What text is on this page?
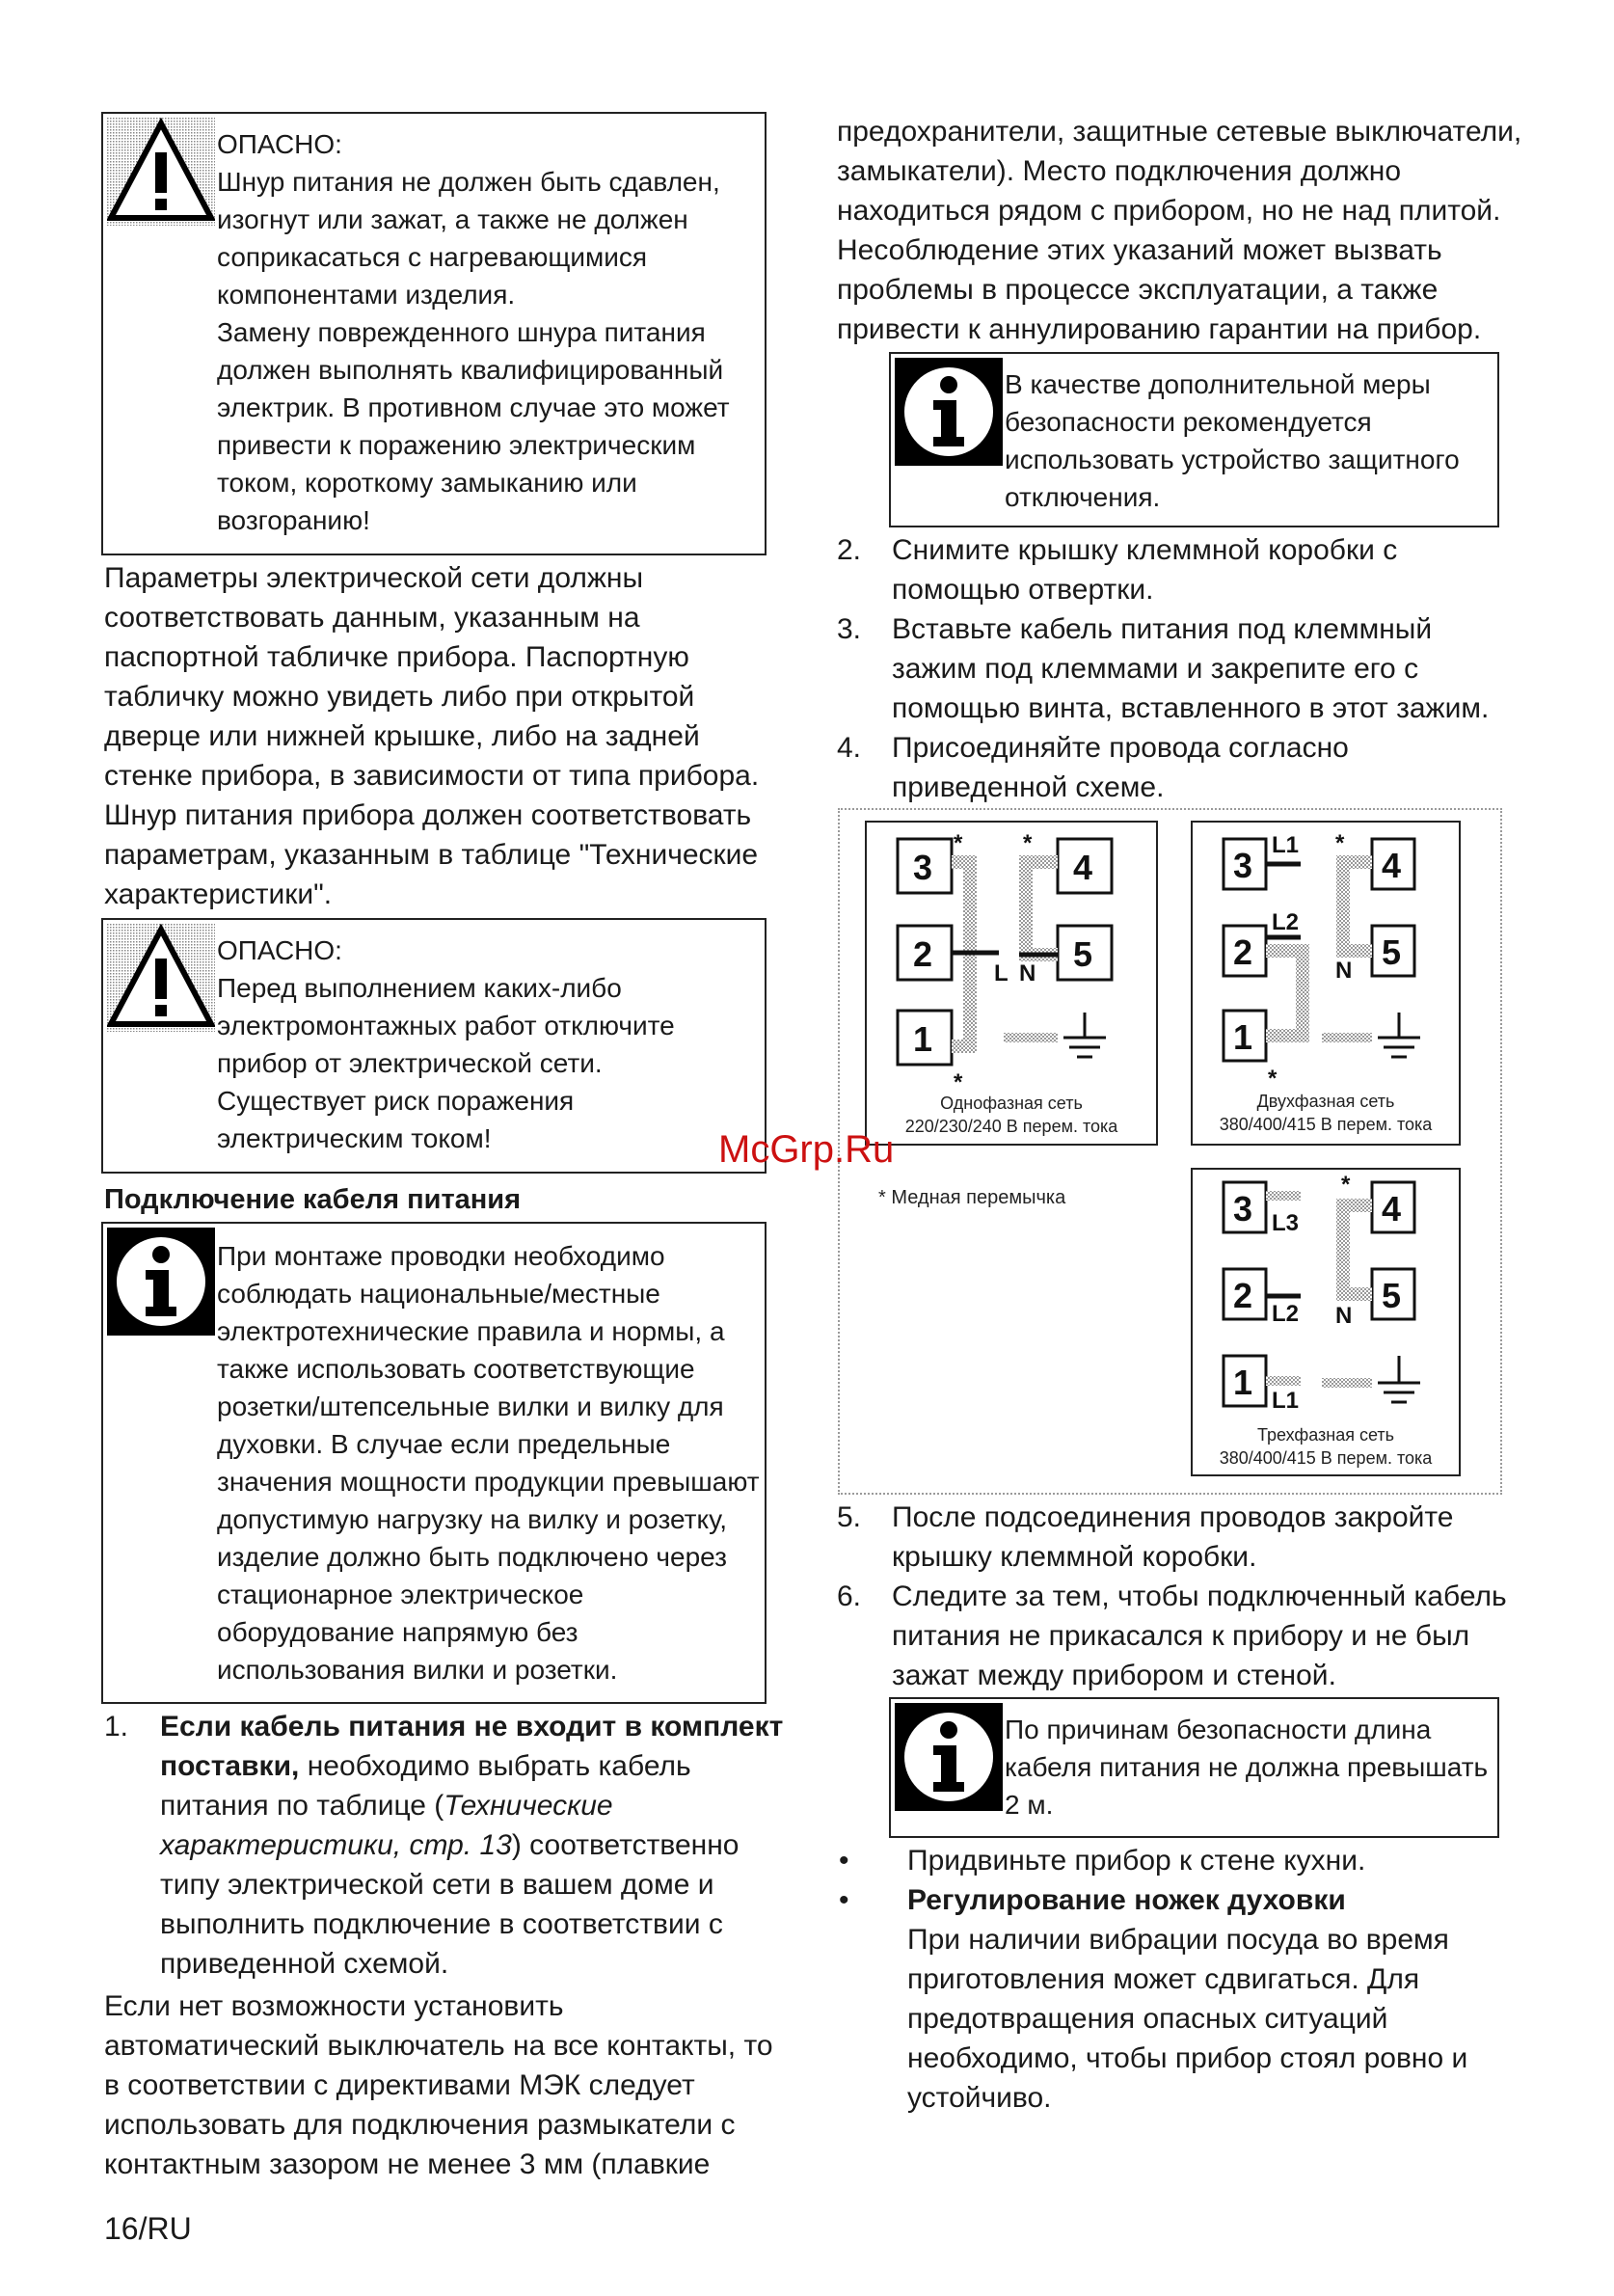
ОПАСНО:
Шнур питания не должен быть сдавлен,
изогнут или зажат, а также не должен
соприкасаться с нагревающимися
компонентами изделия.
Замену поврежденного шнура питания
должен выполнять квалифицированный
электрик. В противном случае это может
привести к поражению электрическим
током, короткому замыканию или
возгоранию!
Параметры электрической сети должны
соответствовать данным, указанным на
паспортной табличке прибора. Паспортную
табличку можно увидеть либо при открытой
дверце или нижней крышке, либо на задней
стенке прибора, в зависимости от типа прибора.
Шнур питания прибора должен соответствовать
параметрам, указанным в таблице "Технические
характеристики".
ОПАСНО:
Перед выполнением каких-либо
электромонтажных работ отключите
прибор от электрической сети.
Существует риск поражения
электрическим током!
Подключение кабеля питания
При монтаже проводки необходимо
соблюдать национальные/местные
электротехнические правила и нормы, а
также использовать соответствующие
розетки/штепсельные вилки и вилку для
духовки. В случае если предельные
значения мощности продукции превышают
допустимую нагрузку на вилку и розетку,
изделие должно быть подключено через
стационарное электрическое
оборудование напрямую без
использования вилки и розетки.
1.	Если кабель питания не входит в комплект
поставки, необходимо выбрать кабель
питания по таблице (Технические
характеристики, стр. 13) соответственно
типу электрической сети в вашем доме и
выполнить подключение в соответствии с
приведенной схемой.
Если нет возможности установить
автоматический выключатель на все контакты, то
в соответствии с директивами МЭК следует
использовать для подключения размыкатели с
контактным зазором не менее 3 мм (плавкие
16/RU
предохранители, защитные сетевые выключатели,
замыкатели). Место подключения должно
находиться рядом с прибором, но не над плитой.
Несоблюдение этих указаний может вызвать
проблемы в процессе эксплуатации, а также
привести к аннулированию гарантии на прибор.
В качестве дополнительной меры
безопасности рекомендуется
использовать устройство защитного
отключения.
2.	Снимите крышку клеммной коробки с
помощью отвертки.
3.	Вставьте кабель питания под клеммный
зажим под клеммами и закрепите его с
помощью винта, вставленного в этот зажим.
4.	Присоединяйте провода согласно
приведенной схеме.
3	4
2	5
1
L N
*	*
*
Однофазная сеть
220/230/240 В перем. тока
3	4
2	5
1
L1
L2
N
*
*
Двухфазная сеть
380/400/415 В перем. тока
3	4
2	5
1
L3
L2
L1
N
*
Трехфазная сеть
380/400/415 В перем. тока
* Медная перемычка
McGrp.Ru
5.	После подсоединения проводов закройте
крышку клеммной коробки.
6.	Следите за тем, чтобы подключенный кабель
питания не прикасался к прибору и не был
зажат между прибором и стеной.
По причинам безопасности длина
кабеля питания не должна превышать
2 м.
• Придвиньте прибор к стене кухни.
• Регулирование ножек духовки
При наличии вибрации посуда во время
приготовления может сдвигаться. Для
предотвращения опасных ситуаций
необходимо, чтобы прибор стоял ровно и
устойчиво.
